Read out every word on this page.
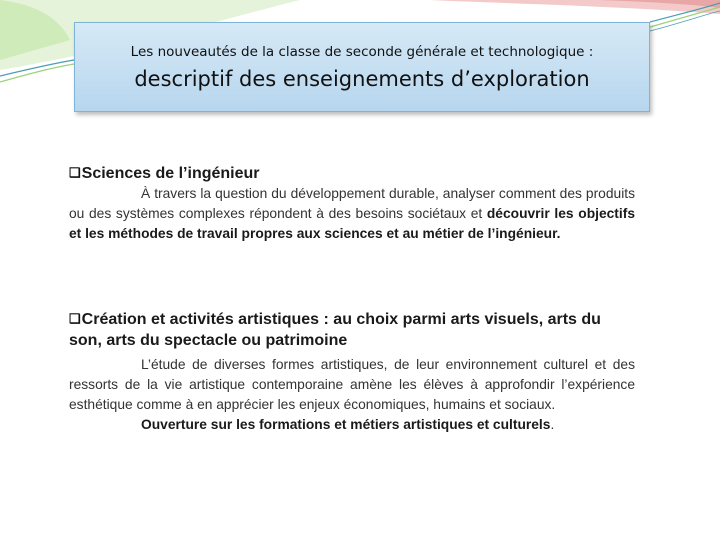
Les nouveautés de la classe de seconde générale et technologique :
descriptif des enseignements d’exploration
❑Sciences de l’ingénieur
À travers la question du développement durable, analyser comment des produits ou des systèmes complexes répondent à des besoins sociétaux et découvrir les objectifs et les méthodes de travail propres aux sciences et au métier de l’ingénieur.
❑Création et activités artistiques : au choix parmi arts visuels, arts du son, arts du spectacle ou patrimoine
L’étude de diverses formes artistiques, de leur environnement culturel et des ressorts de la vie artistique contemporaine amène les élèves à approfondir l’expérience esthétique comme à en apprécier les enjeux économiques, humains et sociaux.
Ouverture sur les formations et métiers artistiques et culturels.
